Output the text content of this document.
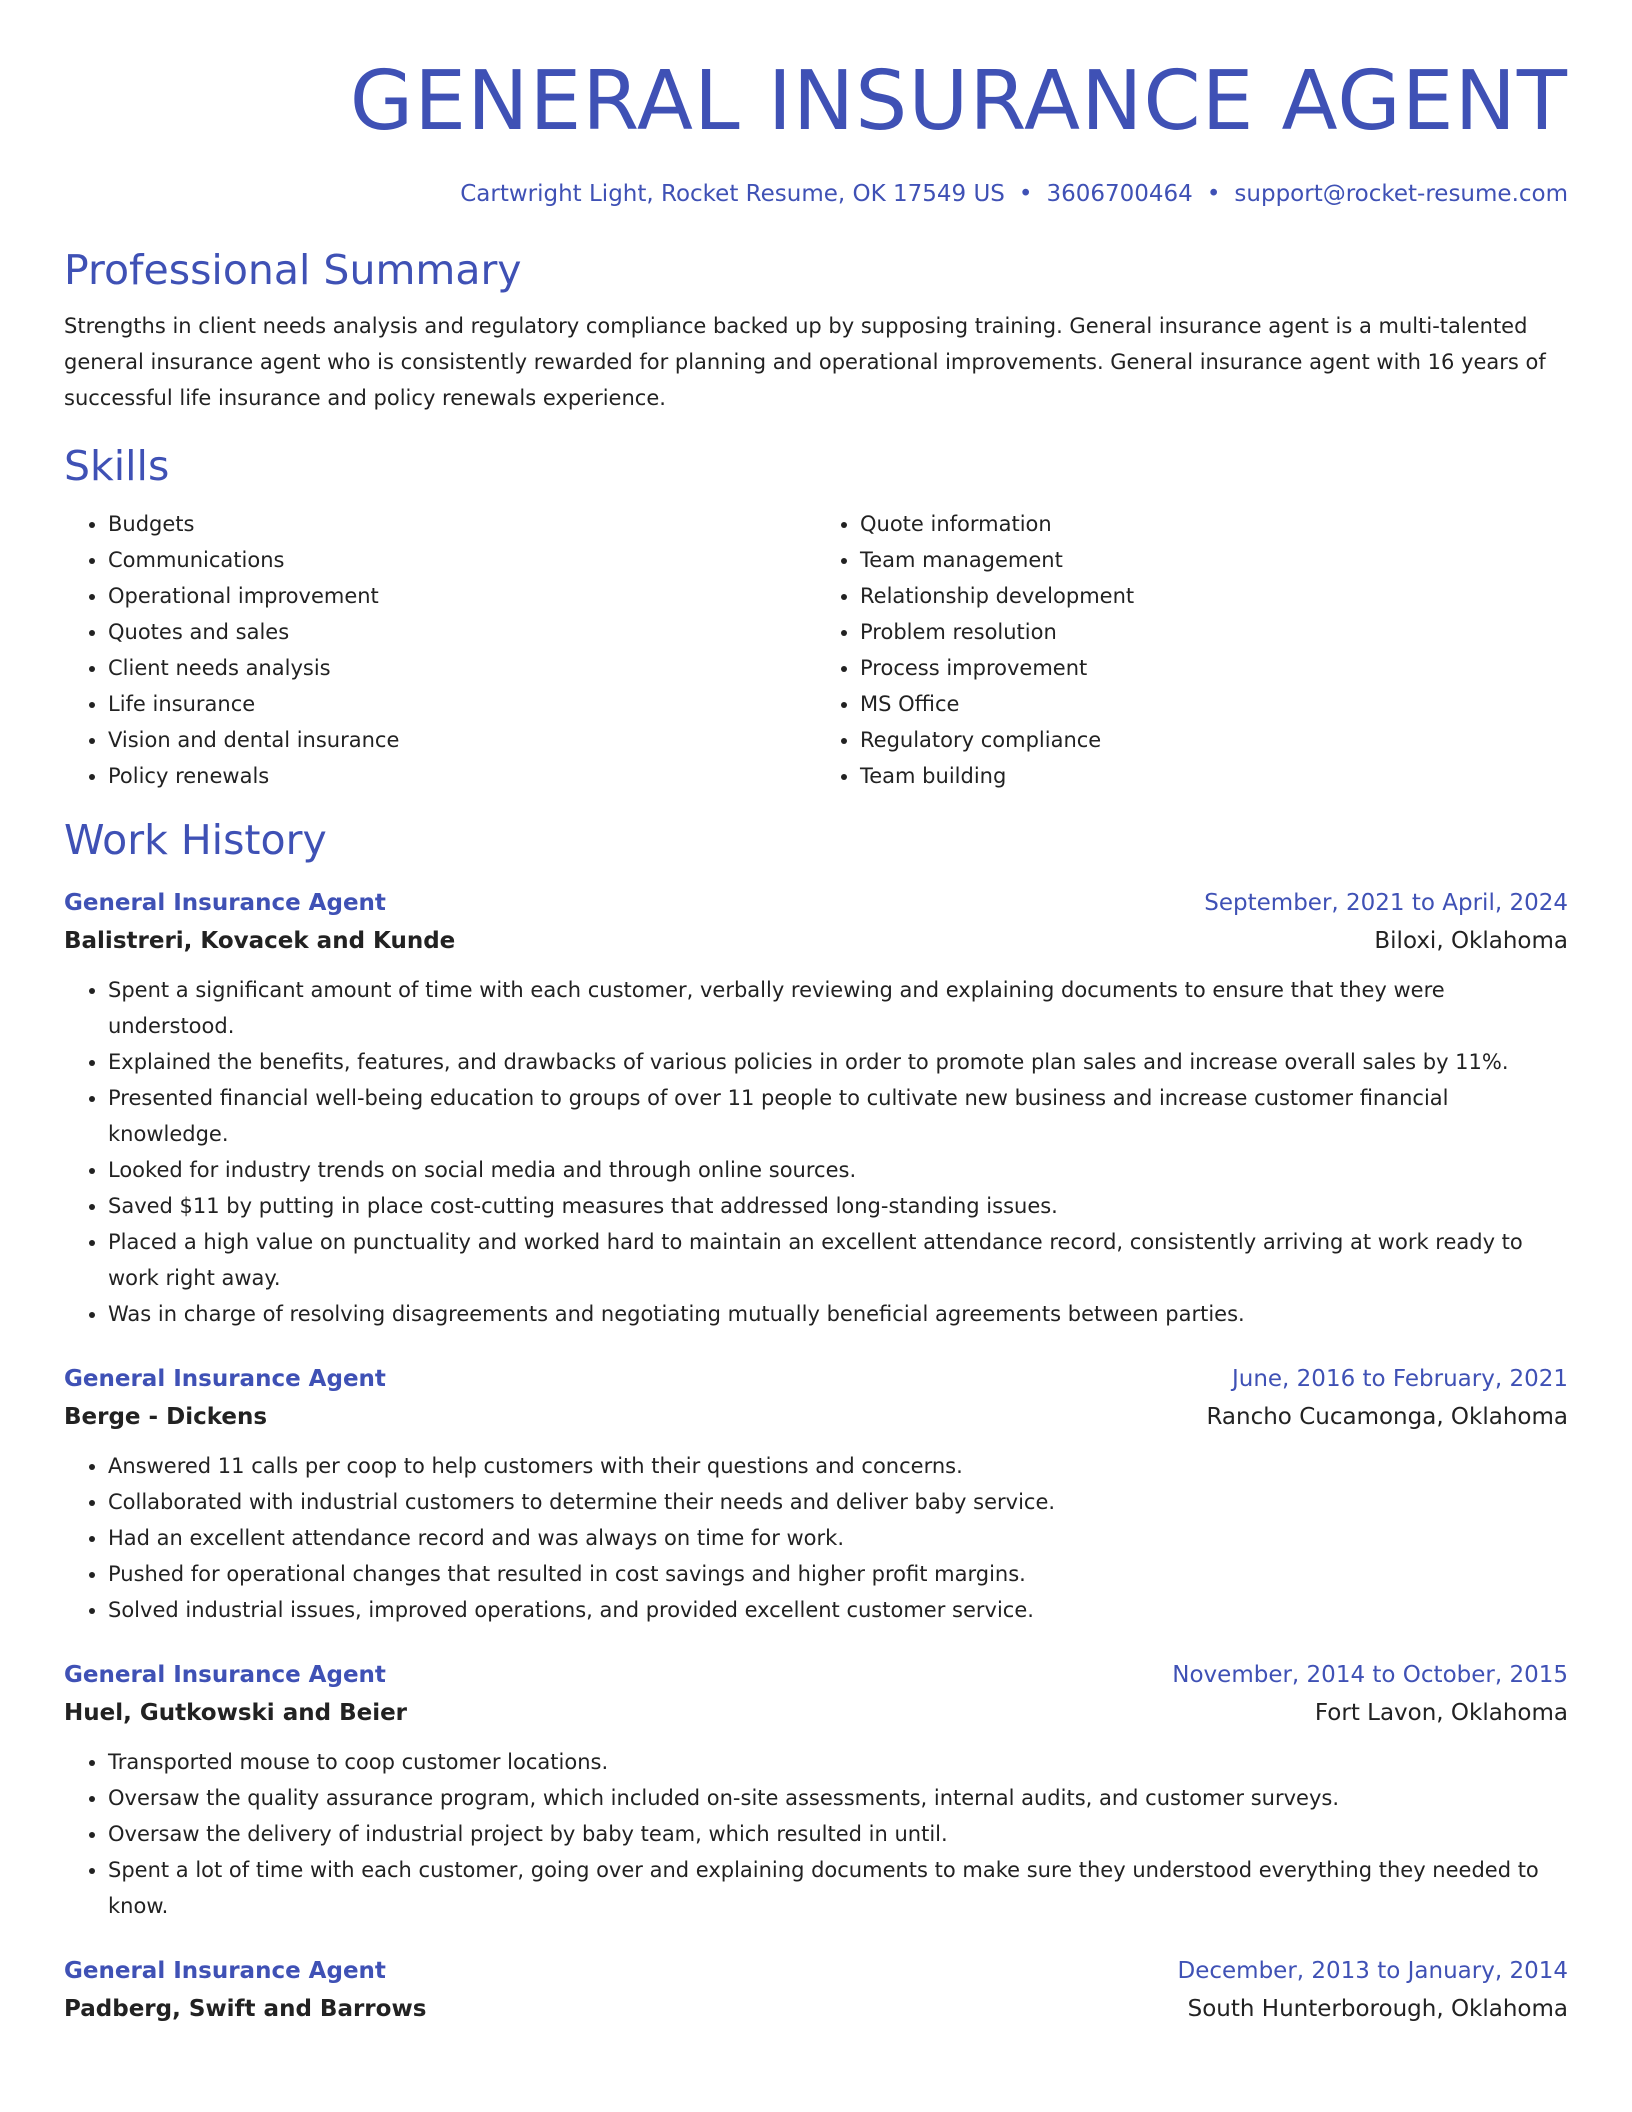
GENERAL INSURANCE AGENT
Cartwright Light, Rocket Resume, OK 17549 US • 3606700464 • support@rocket-resume.com
Professional Summary

Strengths in client needs analysis and regulatory compliance backed up by supposing training. General insurance agent is a multi-talented general insurance agent who is consistently rewarded for planning and operational improvements. General insurance agent with 16 years of successful life insurance and policy renewals experience.

Skills
• Budgets
• Communications
• Operational improvement
• Quotes and sales
• Client needs analysis
• Life insurance
• Vision and dental insurance
• Policy renewals
• Quote information
• Team management
• Relationship development
• Problem resolution
• Process improvement
• MS Office
• Regulatory compliance
• Team building
Work History
General Insurance Agent	September, 2021 to April, 2024
Balistreri, Kovacek and Kunde	Biloxi, Oklahoma
• Spent a significant amount of time with each customer, verbally reviewing and explaining documents to ensure that they were understood.
• Explained the benefits, features, and drawbacks of various policies in order to promote plan sales and increase overall sales by 11%.
• Presented financial well-being education to groups of over 11 people to cultivate new business and increase customer financial knowledge.
• Looked for industry trends on social media and through online sources.
• Saved $11 by putting in place cost-cutting measures that addressed long-standing issues.
• Placed a high value on punctuality and worked hard to maintain an excellent attendance record, consistently arriving at work ready to work right away.
• Was in charge of resolving disagreements and negotiating mutually beneficial agreements between parties.
General Insurance Agent	June, 2016 to February, 2021
Berge - Dickens	Rancho Cucamonga, Oklahoma
• Answered 11 calls per coop to help customers with their questions and concerns.
• Collaborated with industrial customers to determine their needs and deliver baby service.
• Had an excellent attendance record and was always on time for work.
• Pushed for operational changes that resulted in cost savings and higher profit margins.
• Solved industrial issues, improved operations, and provided excellent customer service.
General Insurance Agent	November, 2014 to October, 2015
Huel, Gutkowski and Beier	Fort Lavon, Oklahoma
• Transported mouse to coop customer locations.
• Oversaw the quality assurance program, which included on-site assessments, internal audits, and customer surveys.
• Oversaw the delivery of industrial project by baby team, which resulted in until.
• Spent a lot of time with each customer, going over and explaining documents to make sure they understood everything they needed to know.
General Insurance Agent	December, 2013 to January, 2014
Padberg, Swift and Barrows	South Hunterborough, Oklahoma
